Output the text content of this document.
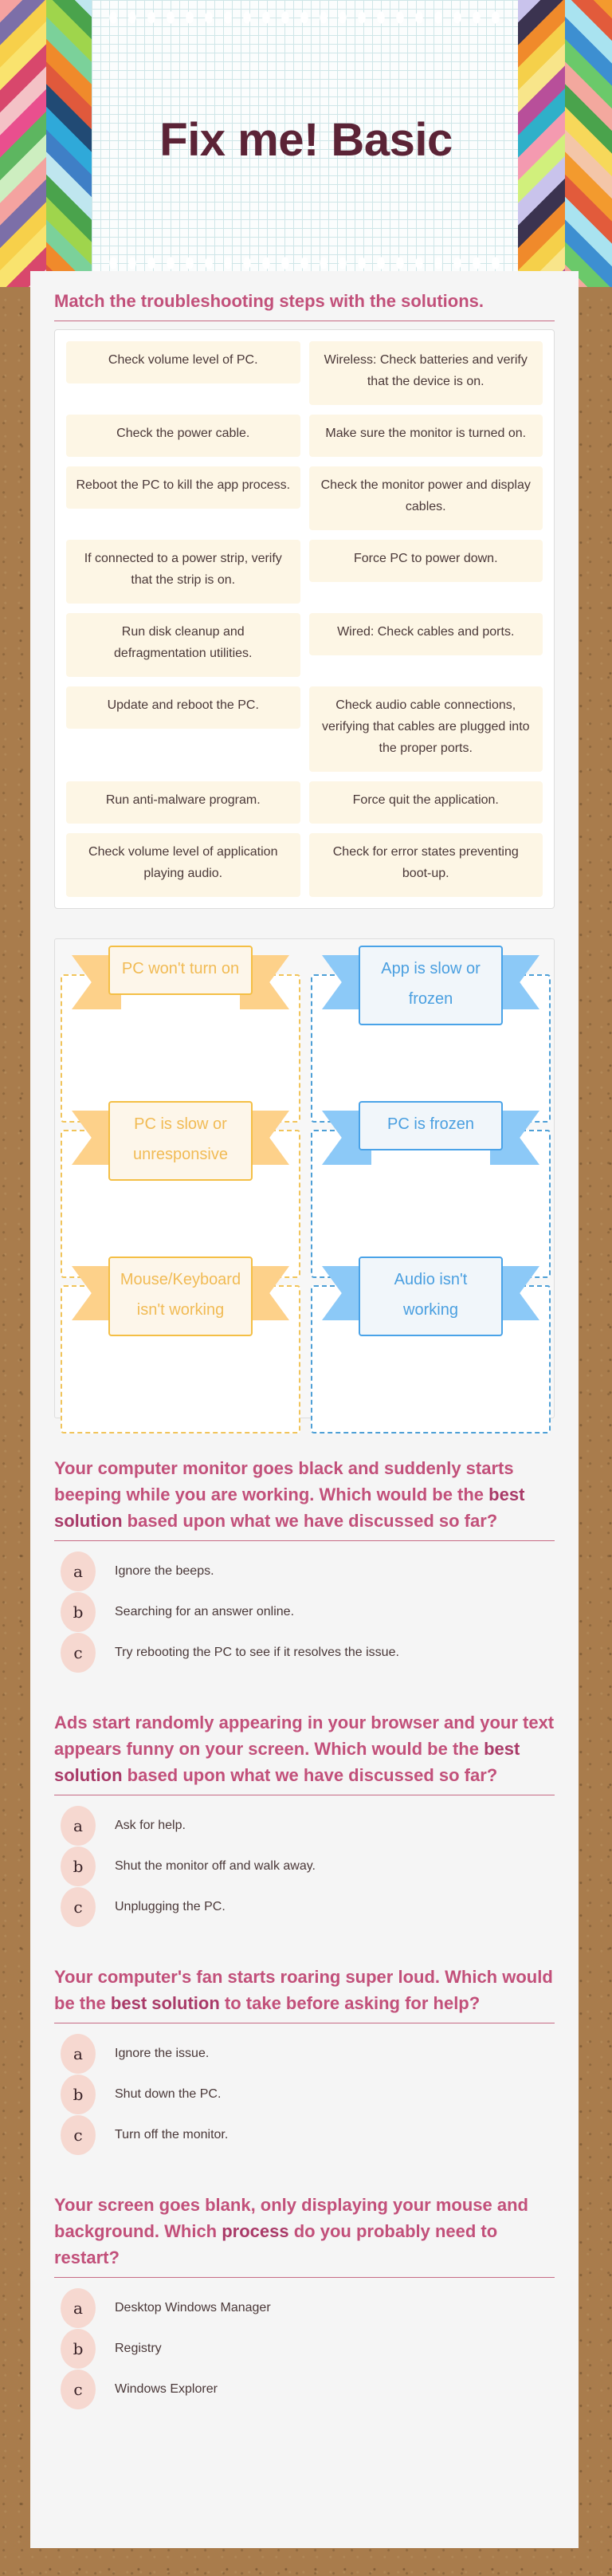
Fix me! Basic
Match the troubleshooting steps with the solutions.
Check volume level of PC.	Wireless: Check batteries and verify that the device is on.
Check the power cable.	Make sure the monitor is turned on.
Reboot the PC to kill the app process.	Check the monitor power and display cables.
If connected to a power strip, verify that the strip is on.
Force PC to power down.
Run disk cleanup and defragmentation utilities.
Wired: Check cables and ports.
Update and reboot the PC.	Check audio cable connections, verifying that cables are plugged into the proper ports.
Run anti-malware program.	Force quit the application.
Check volume level of application playing audio.
Check for error states preventing boot-up.
PC won't turn on	App is slow or frozen
PC is slow or unresponsive
PC is frozen
Mouse/Keyboard isn't working
Audio isn't working
Your computer monitor goes black and suddenly starts beeping while you are working. Which would be the best solution based upon what we have discussed so far?
a	Ignore the beeps.
b	Searching for an answer online.
c	Try rebooting the PC to see if it resolves the issue.
Ads start randomly appearing in your browser and your text appears funny on your screen. Which would be the best solution based upon what we have discussed so far?
a	Ask for help.
b	Shut the monitor off and walk away.
c	Unplugging the PC.
Your computer's fan starts roaring super loud. Which would be the best solution to take before asking for help?
a	Ignore the issue.
b	Shut down the PC.
c	Turn off the monitor.
Your screen goes blank, only displaying your mouse and background. Which process do you probably need to restart?
a	Desktop Windows Manager
b	Registry
c	Windows Explorer
